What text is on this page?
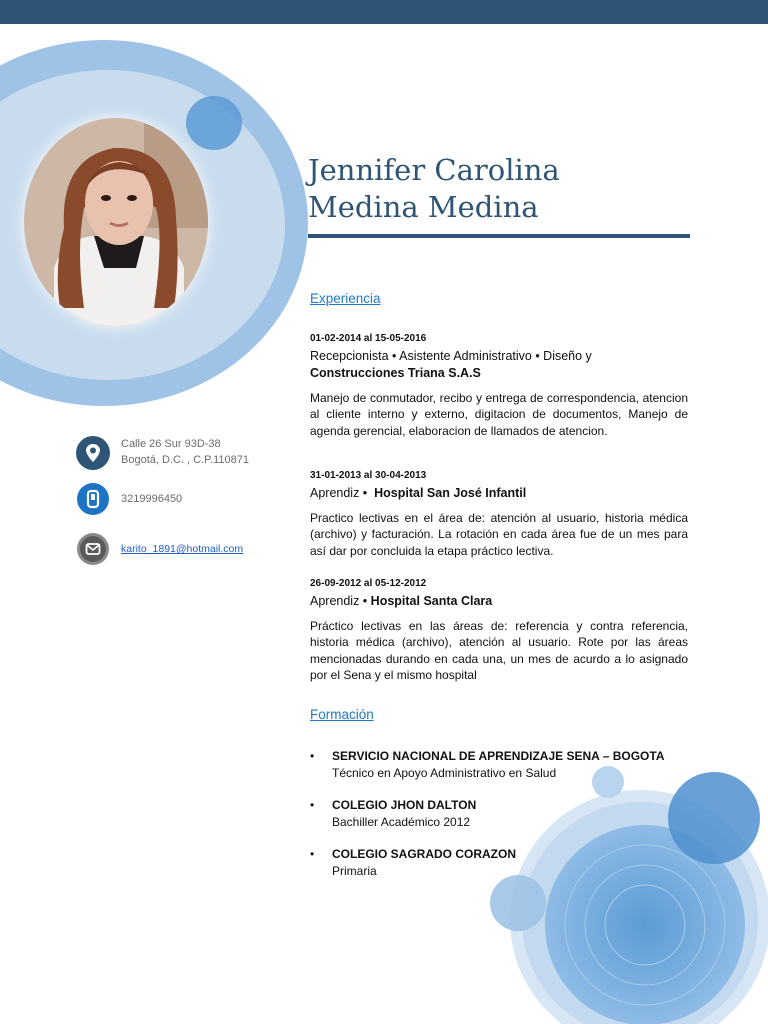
Jennifer Carolina
Medina Medina
Calle 26 Sur 93D-38
Bogotá, D.C. , C.P.110871
3219996450
karito_1891@hotmail.com
Experiencia
01-02-2014 al 15-05-2016
Recepcionista • Asistente Administrativo • Diseño y
Construcciones Triana S.A.S
Manejo de conmutador, recibo y entrega de correspondencia, atencion al cliente interno y externo, digitacion de documentos, Manejo de agenda gerencial, elaboracion de llamados de atencion.
31-01-2013 al 30-04-2013
Aprendiz • Hospital San José Infantil
Practico lectivas en el área de: atención al usuario, historia médica (archivo) y facturación. La rotación en cada área fue de un mes para así dar por concluida la etapa práctico lectiva.
26-09-2012 al 05-12-2012
Aprendiz • Hospital Santa Clara
Práctico lectivas en las áreas de: referencia y contra referencia, historia médica (archivo), atención al usuario. Rote por las áreas mencionadas durando en cada una, un mes de acurdo a lo asignado por el Sena y el mismo hospital
Formación
• SERVICIO NACIONAL DE APRENDIZAJE SENA – BOGOTA
Técnico en Apoyo Administrativo en Salud
• COLEGIO JHON DALTON
Bachiller Académico 2012
• COLEGIO SAGRADO CORAZON
Primaria
